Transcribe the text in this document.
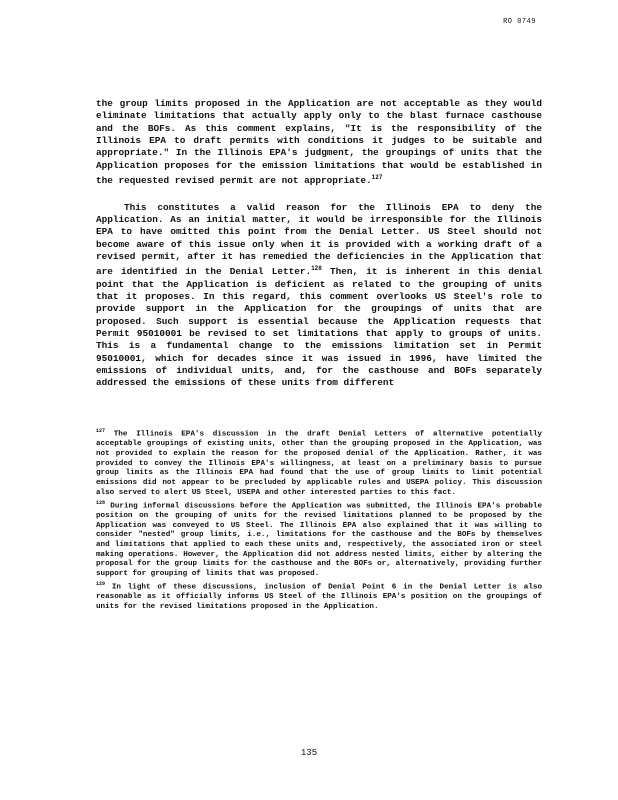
RO 0749

the group limits proposed in the Application are not acceptable as they would eliminate limitations that actually apply only to the blast furnace casthouse and the BOFs. As this comment explains, "It is the responsibility of the Illinois EPA to draft permits with conditions it judges to be suitable and appropriate." In the Illinois EPA's judgment, the groupings of units that the Application proposes for the emission limitations that would be established in the requested revised permit are not appropriate.$^{127}$

This constitutes a valid reason for the Illinois EPA to deny the Application. As an initial matter, it would be irresponsible for the Illinois EPA to have omitted this point from the Denial Letter. US Steel should not become aware of this issue only when it is provided with a working draft of a revised permit, after it has remedied the deficiencies in the Application that are identified in the Denial Letter.$^{128}$ Then, it is inherent in this denial point that the Application is deficient as related to the grouping of units that it proposes. In this regard, this comment overlooks US Steel's role to provide support in the Application for the groupings of units that are proposed. Such support is essential because the Application requests that Permit 95010001 be revised to set limitations that apply to groups of units. This is a fundamental change to the emissions limitation set in Permit 95010001, which for decades since it was issued in 1996, have limited the emissions of individual units, and, for the casthouse and BOFs separately addressed the emissions of these units from different

$^{127}$ The Illinois EPA's discussion in the draft Denial Letters of alternative potentially acceptable groupings of existing units, other than the grouping proposed in the Application, was not provided to explain the reason for the proposed denial of the Application. Rather, it was provided to convey the Illinois EPA's willingness, at least on a preliminary basis to pursue group limits as the Illinois EPA had found that the use of group limits to limit potential emissions did not appear to be precluded by applicable rules and USEPA policy. This discussion also served to alert US Steel, USEPA and other interested parties to this fact.

$^{128}$ During informal discussions before the Application was submitted, the Illinois EPA's probable position on the grouping of units for the revised limitations planned to be proposed by the Application was conveyed to US Steel. The Illinois EPA also explained that it was willing to consider "nested" group limits, i.e., limitations for the casthouse and the BOFs by themselves and limitations that applied to each these units and, respectively, the associated iron or steel making operations. However, the Application did not address nested limits, either by altering the proposal for the group limits for the casthouse and the BOFs or, alternatively, providing further support for grouping of limits that was proposed.

$^{129}$ In light of these discussions, inclusion of Denial Point 6 in the Denial Letter is also reasonable as it officially informs US Steel of the Illinois EPA's position on the groupings of units for the revised limitations proposed in the Application.

135
